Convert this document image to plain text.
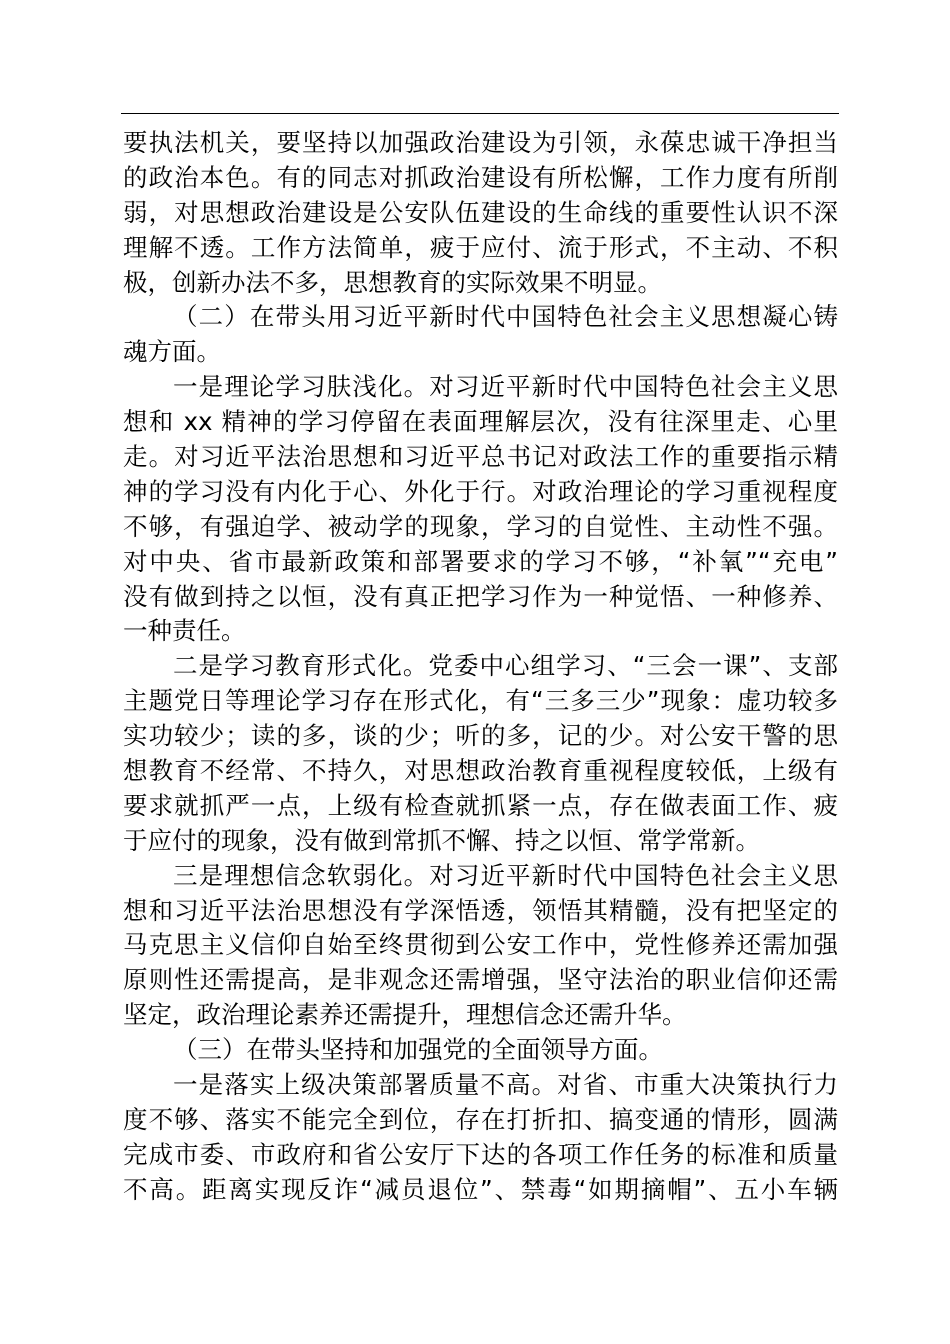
要执法机关，要坚持以加强政治建设为引领，永葆忠诚干净担当
的政治本色。有的同志对抓政治建设有所松懈，工作力度有所削
弱，对思想政治建设是公安队伍建设的生命线的重要性认识不深
理解不透。工作方法简单，疲于应付、流于形式，不主动、不积
极，创新办法不多，思想教育的实际效果不明显。
（二）在带头用习近平新时代中国特色社会主义思想凝心铸
魂方面。
一是理论学习肤浅化。对习近平新时代中国特色社会主义思
想和 xx 精神的学习停留在表面理解层次，没有往深里走、心里
走。对习近平法治思想和习近平总书记对政法工作的重要指示精
神的学习没有内化于心、外化于行。对政治理论的学习重视程度
不够，有强迫学、被动学的现象，学习的自觉性、主动性不强。
对中央、省市最新政策和部署要求的学习不够，“补氧”“充电”
没有做到持之以恒，没有真正把学习作为一种觉悟、一种修养、
一种责任。
二是学习教育形式化。党委中心组学习、“三会一课”、支部
主题党日等理论学习存在形式化，有“三多三少”现象：虚功较多
实功较少；读的多，谈的少；听的多，记的少。对公安干警的思
想教育不经常、不持久，对思想政治教育重视程度较低，上级有
要求就抓严一点，上级有检查就抓紧一点，存在做表面工作、疲
于应付的现象，没有做到常抓不懈、持之以恒、常学常新。
三是理想信念软弱化。对习近平新时代中国特色社会主义思
想和习近平法治思想没有学深悟透，领悟其精髓，没有把坚定的
马克思主义信仰自始至终贯彻到公安工作中，党性修养还需加强
原则性还需提高，是非观念还需增强，坚守法治的职业信仰还需
坚定，政治理论素养还需提升，理想信念还需升华。
（三）在带头坚持和加强党的全面领导方面。
一是落实上级决策部署质量不高。对省、市重大决策执行力
度不够、落实不能完全到位，存在打折扣、搞变通的情形，圆满
完成市委、市政府和省公安厅下达的各项工作任务的标准和质量
不高。距离实现反诈“减员退位”、禁毒“如期摘帽”、五小车辆
